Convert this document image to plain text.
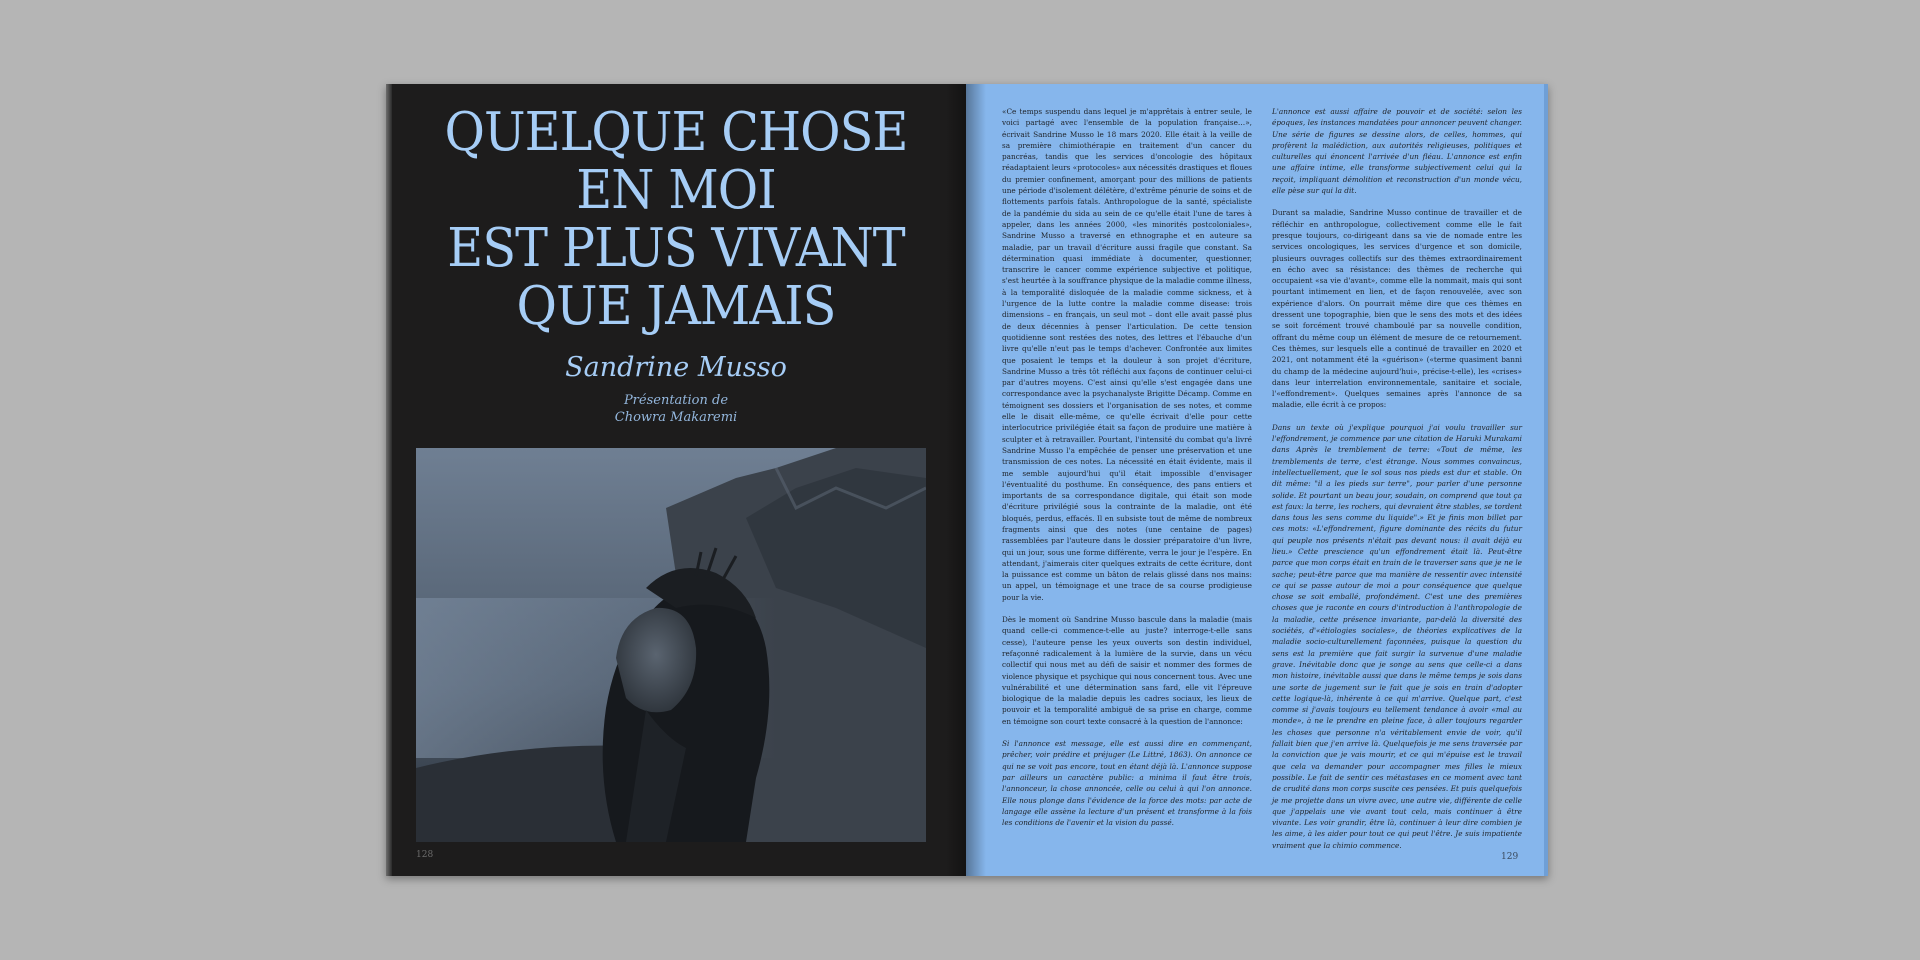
QUELQUE CHOSE
EN MOI
EST PLUS VIVANT
QUE JAMAIS
Sandrine Musso
Présentation de
Chowra Makaremi
128

«Ce temps suspendu dans lequel je m'apprêtais à entrer seule, le voici partagé avec l'ensemble de la population française…», écrivait Sandrine Musso le 18 mars 2020. Elle était à la veille de sa première chimiothérapie en traitement d'un cancer du pancréas, tandis que les services d'oncologie des hôpitaux réadaptaient leurs «protocoles» aux nécessités drastiques et floues du premier confinement, amorçant pour des millions de patients une période d'isolement délétère, d'extrême pénurie de soins et de flottements parfois fatals. Anthropologue de la santé, spécialiste de la pandémie du sida au sein de ce qu'elle était l'une de tares à appeler, dans les années 2000, «les minorités postcoloniales», Sandrine Musso a traversé en ethnographe et en auteure sa maladie, par un travail d'écriture aussi fragile que constant. Sa détermination quasi immédiate à documenter, questionner, transcrire le cancer comme expérience subjective et politique, s'est heurtée à la souffrance physique de la maladie comme illness, à la temporalité disloquée de la maladie comme sickness, et à l'urgence de la lutte contre la maladie comme disease: trois dimensions – en français, un seul mot – dont elle avait passé plus de deux décennies à penser l'articulation. De cette tension quotidienne sont restées des notes, des lettres et l'ébauche d'un livre qu'elle n'eut pas le temps d'achever. Confrontée aux limites que posaient le temps et la douleur à son projet d'écriture, Sandrine Musso a très tôt réfléchi aux façons de continuer celui-ci par d'autres moyens. C'est ainsi qu'elle s'est engagée dans une correspondance avec la psychanalyste Brigitte Décamp. Comme en témoignent ses dossiers et l'organisation de ses notes, et comme elle le disait elle-même, ce qu'elle écrivait d'elle pour cette interlocutrice privilégiée était sa façon de produire une matière à sculpter et à retravailler. Pourtant, l'intensité du combat qu'a livré Sandrine Musso l'a empêchée de penser une préservation et une transmission de ces notes. La nécessité en était évidente, mais il me semble aujourd'hui qu'il était impossible d'envisager l'éventualité du posthume. En conséquence, des pans entiers et importants de sa correspondance digitale, qui était son mode d'écriture privilégié sous la contrainte de la maladie, ont été bloqués, perdus, effacés. Il en subsiste tout de même de nombreux fragments ainsi que des notes (une centaine de pages) rassemblées par l'auteure dans le dossier préparatoire d'un livre, qui un jour, sous une forme différente, verra le jour je l'espère. En attendant, j'aimerais citer quelques extraits de cette écriture, dont la puissance est comme un bâton de relais glissé dans nos mains: un appel, un témoignage et une trace de sa course prodigieuse pour la vie.

Dès le moment où Sandrine Musso bascule dans la maladie (mais quand celle-ci commence-t-elle au juste? interroge-t-elle sans cesse), l'auteure pense les yeux ouverts son destin individuel, refaçonné radicalement à la lumière de la survie, dans un vécu collectif qui nous met au défi de saisir et nommer des formes de violence physique et psychique qui nous concernent tous. Avec une vulnérabilité et une détermination sans fard, elle vit l'épreuve biologique de la maladie depuis les cadres sociaux, les lieux de pouvoir et la temporalité ambiguë de sa prise en charge, comme en témoigne son court texte consacré à la question de l'annonce:

Si l'annonce est message, elle est aussi dire en commençant, prêcher, voir prédire et préjuger (Le Littré, 1863). On annonce ce qui ne se voit pas encore, tout en étant déjà là. L'annonce suppose par ailleurs un caractère public: a minima il faut être trois, l'annonceur, la chose annoncée, celle ou celui à qui l'on annonce. Elle nous plonge dans l'évidence de la force des mots: par acte de langage elle assène la lecture d'un présent et transforme à la fois les conditions de l'avenir et la vision du passé.

L'annonce est aussi affaire de pouvoir et de société: selon les époques, les instances mandatées pour annoncer peuvent changer. Une série de figures se dessine alors, de celles, hommes, qui profèrent la malédiction, aux autorités religieuses, politiques et culturelles qui énoncent l'arrivée d'un fléau. L'annonce est enfin une affaire intime, elle transforme subjectivement celui qui la reçoit, impliquant démolition et reconstruction d'un monde vécu, elle pèse sur qui la dit.

Durant sa maladie, Sandrine Musso continue de travailler et de réfléchir en anthropologue, collectivement comme elle le fait presque toujours, co-dirigeant dans sa vie de nomade entre les services oncologiques, les services d'urgence et son domicile, plusieurs ouvrages collectifs sur des thèmes extraordinairement en écho avec sa résistance: des thèmes de recherche qui occupaient «sa vie d'avant», comme elle la nommait, mais qui sont pourtant intimement en lien, et de façon renouvelée, avec son expérience d'alors. On pourrait même dire que ces thèmes en dressent une topographie, bien que le sens des mots et des idées se soit forcément trouvé chamboulé par sa nouvelle condition, offrant du même coup un élément de mesure de ce retournement. Ces thèmes, sur lesquels elle a continué de travailler en 2020 et 2021, ont notamment été la «guérison» («terme quasiment banni du champ de la médecine aujourd'hui», précise-t-elle), les «crises» dans leur interrelation environnementale, sanitaire et sociale, l'«effondrement». Quelques semaines après l'annonce de sa maladie, elle écrit à ce propos:

Dans un texte où j'explique pourquoi j'ai voulu travailler sur l'effondrement, je commence par une citation de Haruki Murakami dans Après le tremblement de terre: «Tout de même, les tremblements de terre, c'est étrange. Nous sommes convaincus, intellectuellement, que le sol sous nos pieds est dur et stable. On dit même: "il a les pieds sur terre", pour parler d'une personne solide. Et pourtant un beau jour, soudain, on comprend que tout ça est faux: la terre, les rochers, qui devraient être stables, se tordent dans tous les sens comme du liquide".» Et je finis mon billet par ces mots: «L'effondrement, figure dominante des récits du futur qui peuple nos présents n'était pas devant nous: il avait déjà eu lieu.» Cette prescience qu'un effondrement était là. Peut-être parce que mon corps était en train de le traverser sans que je ne le sache; peut-être parce que ma manière de ressentir avec intensité ce qui se passe autour de moi a pour conséquence que quelque chose se soit emballé, profondément. C'est une des premières choses que je raconte en cours d'introduction à l'anthropologie de la maladie, cette présence invariante, par-delà la diversité des sociétés, d'«étiologies sociales», de théories explicatives de la maladie socio-culturellement façonnées, puisque la question du sens est la première que fait surgir la survenue d'une maladie grave. Inévitable donc que je songe au sens que celle-ci a dans mon histoire, inévitable aussi que dans le même temps je sois dans une sorte de jugement sur le fait que je sois en train d'adopter cette logique-là, inhérente à ce qui m'arrive. Quelque part, c'est comme si j'avais toujours eu tellement tendance à avoir «mal au monde», à ne le prendre en pleine face, à aller toujours regarder les choses que personne n'a véritablement envie de voir, qu'il fallait bien que j'en arrive là. Quelquefois je me sens traversée par la conviction que je vais mourir, et ce qui m'épuise est le travail que cela va demander pour accompagner mes filles le mieux possible. Le fait de sentir ces métastases en ce moment avec tant de crudité dans mon corps suscite ces pensées. Et puis quelquefois je me projette dans un vivre avec, une autre vie, différente de celle que j'appelais une vie avant tout cela, mais continuer à être vivante. Les voir grandir, être là, continuer à leur dire combien je les aime, à les aider pour tout ce qui peut l'être. Je suis impatiente vraiment que la chimio commence.

129
